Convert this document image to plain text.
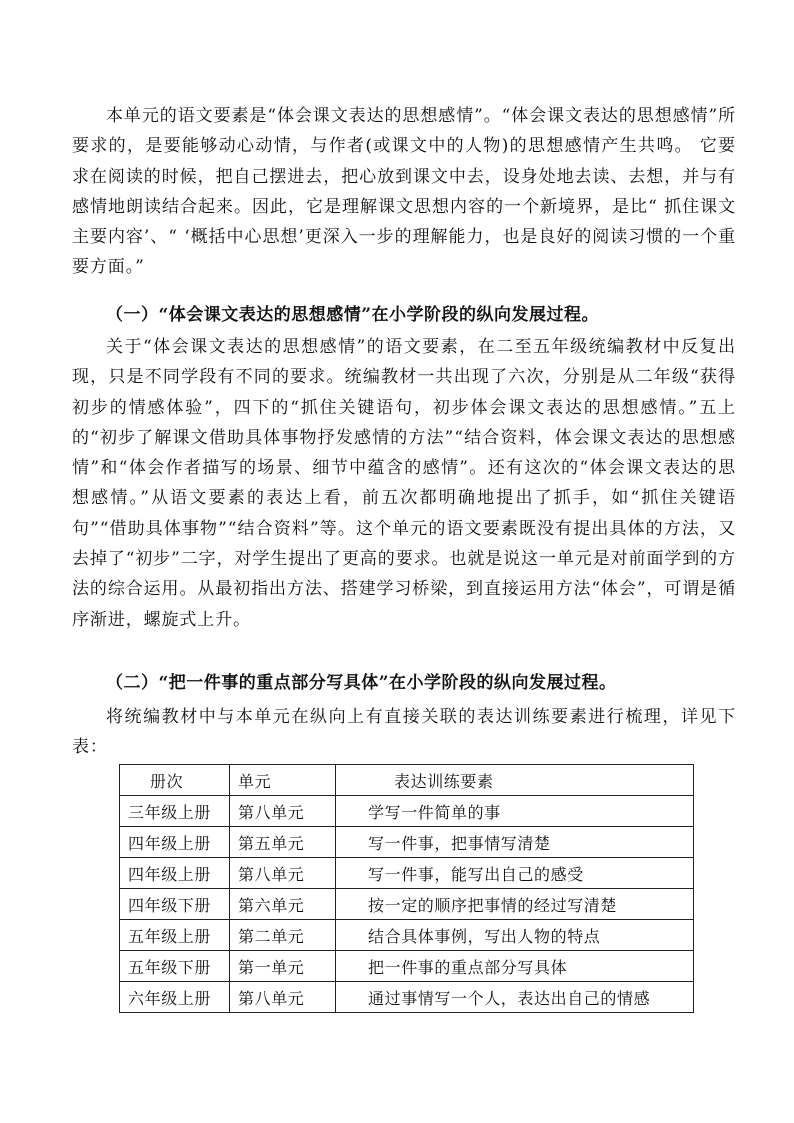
本单元的语文要素是“体会课文表达的思想感情”。“体会课文表达的思想感情”所要求的，是要能够动心动情，与作者(或课文中的人物)的思想感情产生共鸣。 它要求在阅读的时候，把自己摆进去，把心放到课文中去，设身处地去读、去想，并与有感情地朗读结合起来。因此，它是理解课文思想内容的一个新境界，是比“ 抓住课文主要内容’、“ ‘概括中心思想’更深入一步的理解能力，也是良好的阅读习惯的一个重要方面。”

（一）“体会课文表达的思想感情”在小学阶段的纵向发展过程。

关于“体会课文表达的思想感情”的语文要素，在二至五年级统编教材中反复出现，只是不同学段有不同的要求。统编教材一共出现了六次，分别是从二年级“获得初步的情感体验”，四下的“抓住关键语句，初步体会课文表达的思想感情。”五上的“初步了解课文借助具体事物抒发感情的方法”“结合资料，体会课文表达的思想感情”和“体会作者描写的场景、细节中蕴含的感情”。还有这次的“体会课文表达的思想感情。”从语文要素的表达上看，前五次都明确地提出了抓手，如“抓住关键语句”“借助具体事物”“结合资料”等。这个单元的语文要素既没有提出具体的方法，又去掉了“初步”二字，对学生提出了更高的要求。也就是说这一单元是对前面学到的方法的综合运用。从最初指出方法、搭建学习桥梁，到直接运用方法“体会”，可谓是循序渐进，螺旋式上升。

（二）“把一件事的重点部分写具体”在小学阶段的纵向发展过程。

将统编教材中与本单元在纵向上有直接关联的表达训练要素进行梳理，详见下表：

册次	单元	表达训练要素
三年级上册	第八单元	学写一件简单的事
四年级上册	第五单元	写一件事，把事情写清楚
四年级上册	第八单元	写一件事，能写出自己的感受
四年级下册	第六单元	按一定的顺序把事情的经过写清楚
五年级上册	第二单元	结合具体事例，写出人物的特点
五年级下册	第一单元	把一件事的重点部分写具体
六年级上册	第八单元	通过事情写一个人，表达出自己的情感
